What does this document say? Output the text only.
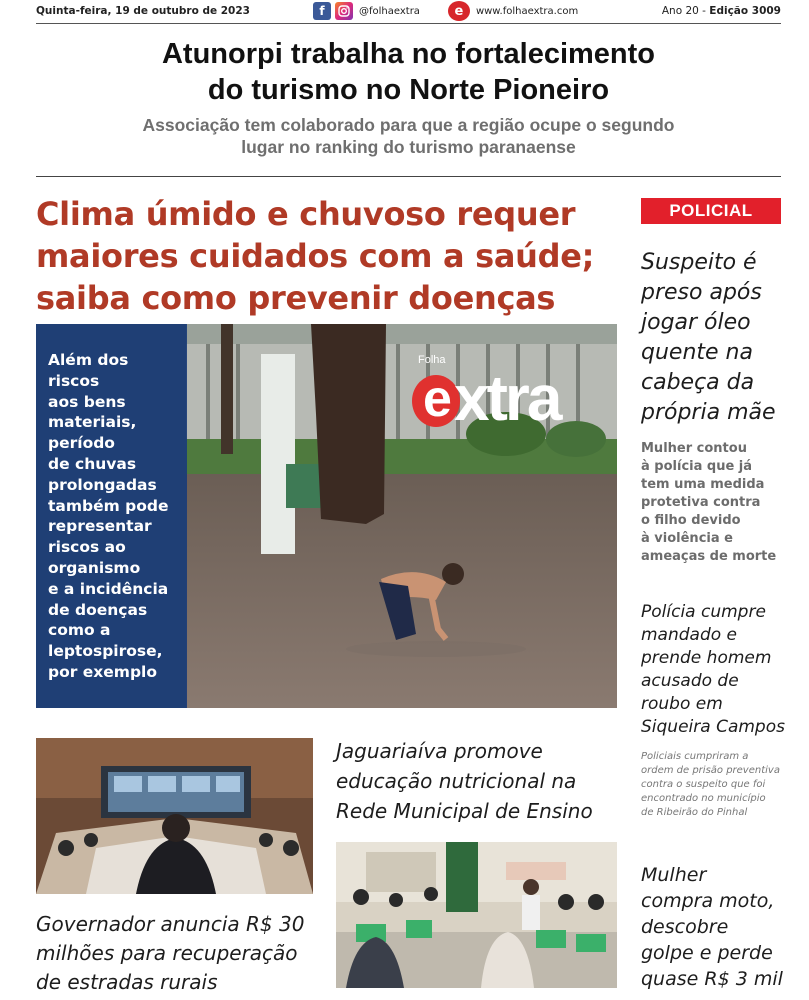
Quinta-feira, 19 de outubro de 2023	f	@folhaextra	e	www.folhaextra.com	Ano 20 - Edição 3009
Atunorpi trabalha no fortalecimento
do turismo no Norte Pioneiro

Associação tem colaborado para que a região ocupe o segundo
lugar no ranking do turismo paranaense

Clima úmido e chuvoso requer
maiores cuidados com a saúde;
saiba como prevenir doenças
Folha
extra
Além dos
riscos
aos bens
materiais,
período
de chuvas
prolongadas
também pode
representar
riscos ao
organismo
e a incidência
de doenças
como a
leptospirose,
por exemplo
POLICIAL
Suspeito é
preso após
jogar óleo
quente na
cabeça da
própria mãe
Mulher contou
à polícia que já
tem uma medida
protetiva contra
o filho devido
à violência e
ameaças de morte
Polícia cumpre
mandado e
prende homem
acusado de
roubo em
Siqueira Campos
Policiais cumpriram a
ordem de prisão preventiva
contra o suspeito que foi
encontrado no município
de Ribeirão do Pinhal
Mulher
compra moto,
descobre
golpe e perde
quase R$ 3 mil
Governador anuncia R$ 30
milhões para recuperação
de estradas rurais
Jaguariaíva promove
educação nutricional na
Rede Municipal de Ensino
